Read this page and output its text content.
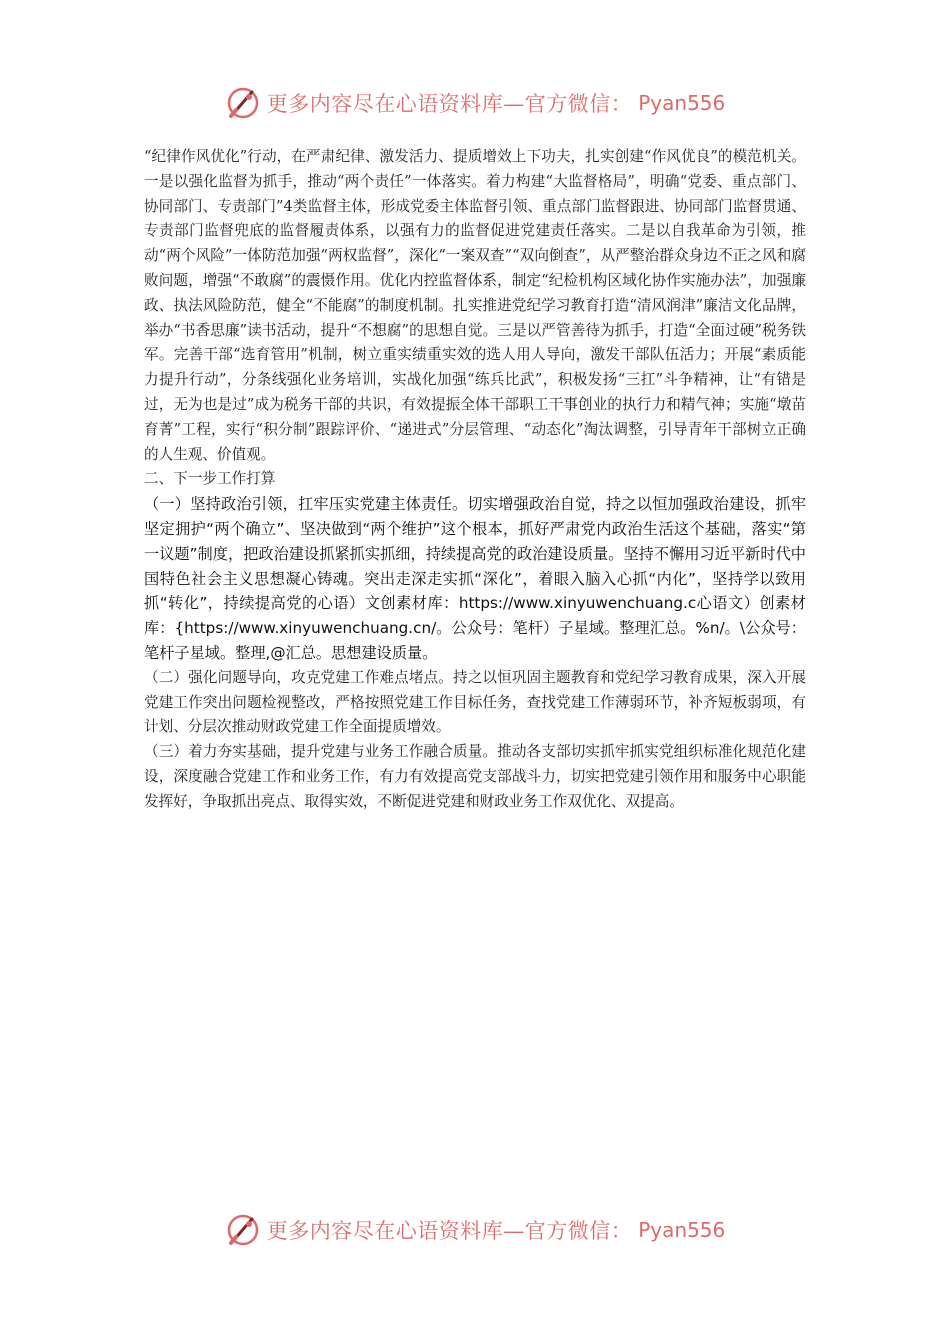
更多内容尽在心语资料库—官方微信： Pyan556

“纪律作风优化”行动，在严肃纪律、激发活力、提质增效上下功夫，扎实创建“作风优良”的模范机关。一是以强化监督为抓手，推动“两个责任”一体落实。着力构建“大监督格局”，明确“党委、重点部门、协同部门、专责部门”4类监督主体，形成党委主体监督引领、重点部门监督跟进、协同部门监督贯通、专责部门监督兜底的监督履责体系，以强有力的监督促进党建责任落实。二是以自我革命为引领，推动“两个风险”一体防范加强“两权监督”，深化“一案双查”“双向倒查”，从严整治群众身边不正之风和腐败问题，增强“不敢腐”的震慑作用。优化内控监督体系，制定“纪检机构区域化协作实施办法”，加强廉政、执法风险防范，健全“不能腐”的制度机制。扎实推进党纪学习教育打造“清风润津”廉洁文化品牌，举办“书香思廉”读书活动，提升“不想腐”的思想自觉。三是以严管善待为抓手，打造“全面过硬”税务铁军。完善干部“选育管用”机制，树立重实绩重实效的选人用人导向，激发干部队伍活力；开展“素质能力提升行动”，分条线强化业务培训，实战化加强“练兵比武”，积极发扬“三扛”斗争精神，让“有错是过，无为也是过”成为税务干部的共识，有效提振全体干部职工干事创业的执行力和精气神；实施“墩苗育菁”工程，实行“积分制”跟踪评价、“递进式”分层管理、“动态化”淘汰调整，引导青年干部树立正确的人生观、价值观。

二、下一步工作打算

（一）坚持政治引领，扛牢压实党建主体责任。切实增强政治自觉，持之以恒加强政治建设，抓牢坚定拥护“两个确立”、坚决做到“两个维护”这个根本，抓好严肃党内政治生活这个基础，落实“第一议题”制度，把政治建设抓紧抓实抓细，持续提高党的政治建设质量。坚持不懈用习近平新时代中国特色社会主义思想凝心铸魂。突出走深走实抓“深化”，着眼入脑入心抓“内化”，坚持学以致用抓“转化”，持续提高党的心语）文创素材库：https://www.xinyuwenchuang.c心语文）创素材库：{https://www.xinyuwenchuang.cn/。公众号：笔杆）子星域。整理汇总。%n/。\公众号：笔杆子星域。整理,@汇总。思想建设质量。

（二）强化问题导向，攻克党建工作难点堵点。持之以恒巩固主题教育和党纪学习教育成果，深入开展党建工作突出问题检视整改，严格按照党建工作目标任务，查找党建工作薄弱环节，补齐短板弱项，有计划、分层次推动财政党建工作全面提质增效。

（三）着力夯实基础，提升党建与业务工作融合质量。推动各支部切实抓牢抓实党组织标准化规范化建设，深度融合党建工作和业务工作，有力有效提高党支部战斗力，切实把党建引领作用和服务中心职能发挥好，争取抓出亮点、取得实效，不断促进党建和财政业务工作双优化、双提高。

更多内容尽在心语资料库—官方微信： Pyan556
